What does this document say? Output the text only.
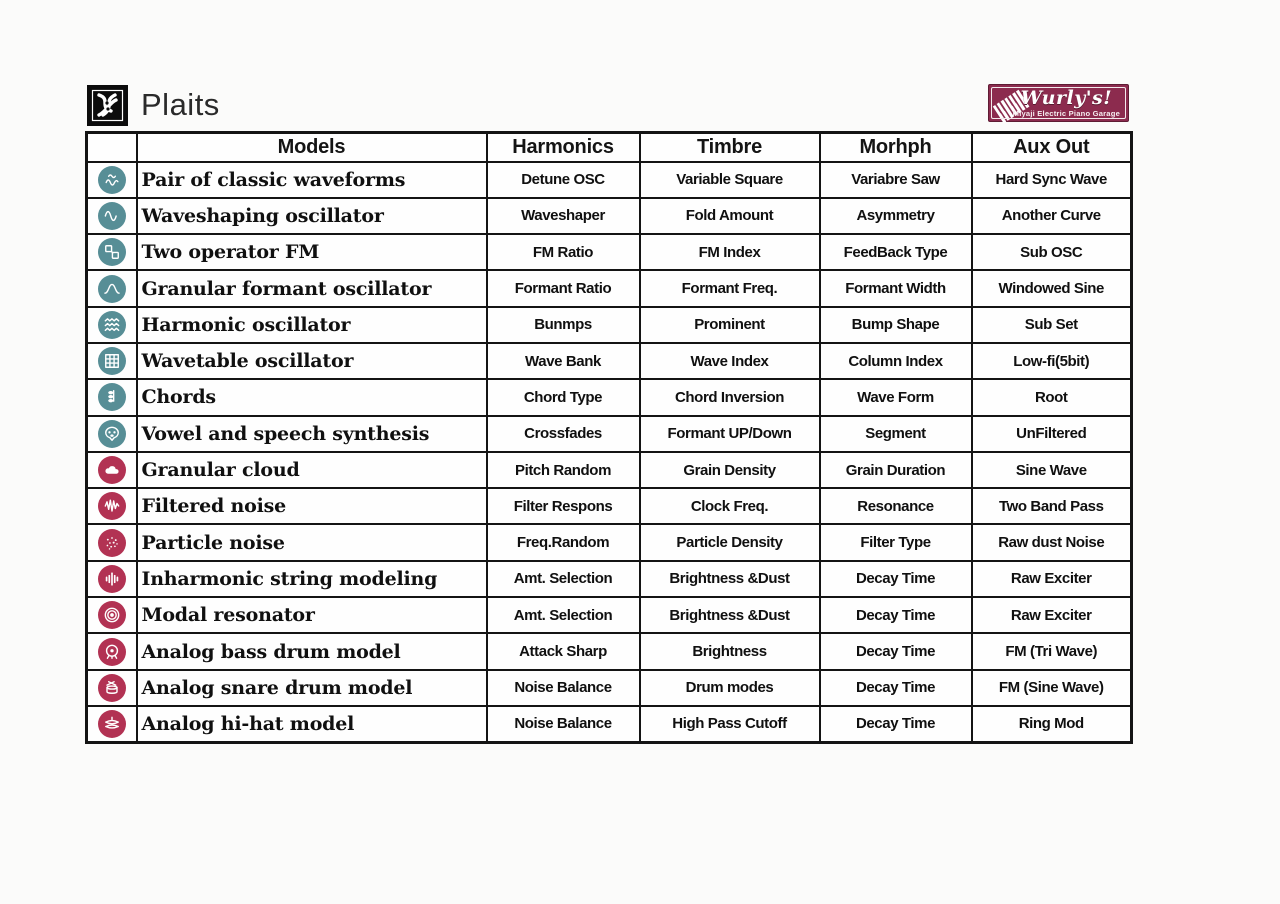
Plaits	Wurly's!
Miyaji Electric Piano Garage
	Models	Harmonics	Timbre	Morhph	Aux Out

	Pair of classic waveforms	Detune OSC	Variable Square	Variabre Saw	Hard Sync Wave

	Waveshaping oscillator	Waveshaper	Fold Amount	Asymmetry	Another Curve

	Two operator FM	FM Ratio	FM Index	FeedBack Type	Sub OSC

	Granular formant oscillator	Formant Ratio	Formant Freq.	Formant Width	Windowed Sine

	Harmonic oscillator	Bunmps	Prominent	Bump Shape	Sub Set

	Wavetable oscillator	Wave Bank	Wave Index	Column Index	Low-fi(5bit)

	Chords	Chord Type	Chord Inversion	Wave Form	Root

	Vowel and speech synthesis	Crossfades	Formant UP/Down	Segment	UnFiltered

	Granular cloud	Pitch Random	Grain Density	Grain Duration	Sine Wave

	Filtered noise	Filter Respons	Clock Freq.	Resonance	Two Band Pass

	Particle noise	Freq.Random	Particle Density	Filter Type	Raw dust Noise

	Inharmonic string modeling	Amt. Selection	Brightness &Dust	Decay Time	Raw Exciter

	Modal resonator	Amt. Selection	Brightness &Dust	Decay Time	Raw Exciter

	Analog bass drum model	Attack Sharp	Brightness	Decay Time	FM (Tri Wave)

	Analog snare drum model	Noise Balance	Drum modes	Decay Time	FM (Sine Wave)

	Analog hi-hat model	Noise Balance	High Pass Cutoff	Decay Time	Ring Mod
